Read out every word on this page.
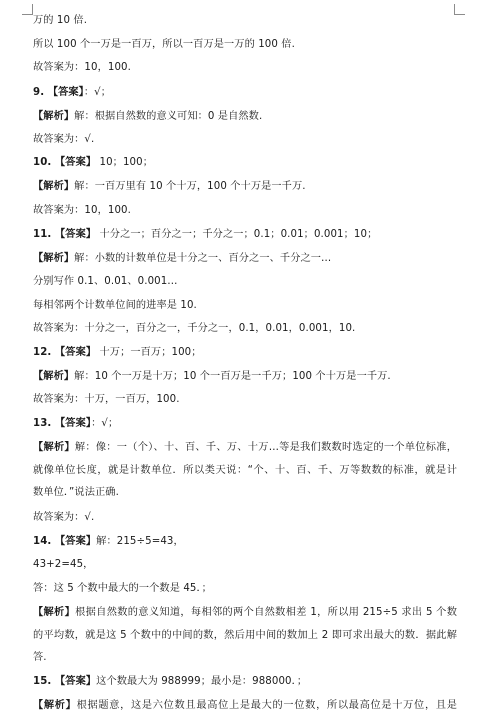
万的 10 倍.
所以 100 个一万是一百万，所以一百万是一万的 100 倍.
故答案为：10，100.
9. 【答案】：√；
【解析】解：根据自然数的意义可知：0 是自然数.
故答案为：√.
10. 【答案】 10；100；
【解析】解：一百万里有 10 个十万，100 个十万是一千万.
故答案为：10，100.
11. 【答案】 十分之一；百分之一；千分之一；0.1；0.01；0.001；10；
【解析】解：小数的计数单位是十分之一、百分之一、千分之一…
分别写作 0.1、0.01、0.001…
每相邻两个计数单位间的进率是 10.
故答案为：十分之一，百分之一，千分之一，0.1，0.01，0.001，10.
12. 【答案】 十万；一百万；100；
【解析】解：10 个一万是十万；10 个一百万是一千万；100 个十万是一千万.
故答案为：十万，一百万，100.
13. 【答案】：√；
【解析】解：像：一（个）、十、百、千、万、十万…等是我们数数时选定的一个单位标准，
就像单位长度，就是计数单位．所以类天说：“个、十、百、千、万等数数的标准，就是计
数单位．”说法正确.
故答案为：√.
14. 【答案】解：215÷5=43，
43+2=45，
答：这 5 个数中最大的一个数是 45．；
【解析】根据自然数的意义知道，每相邻的两个自然数相差 1，所以用 215÷5 求出 5 个数
的平均数，就是这 5 个数中的中间的数，然后用中间的数加上 2 即可求出最大的数．据此解
答.
15. 【答案】这个数最大为 988999；最小是：988000．；
【解析】根据题意，这是六位数且最高位上是最大的一位数，所以最高位是十万位，且是
